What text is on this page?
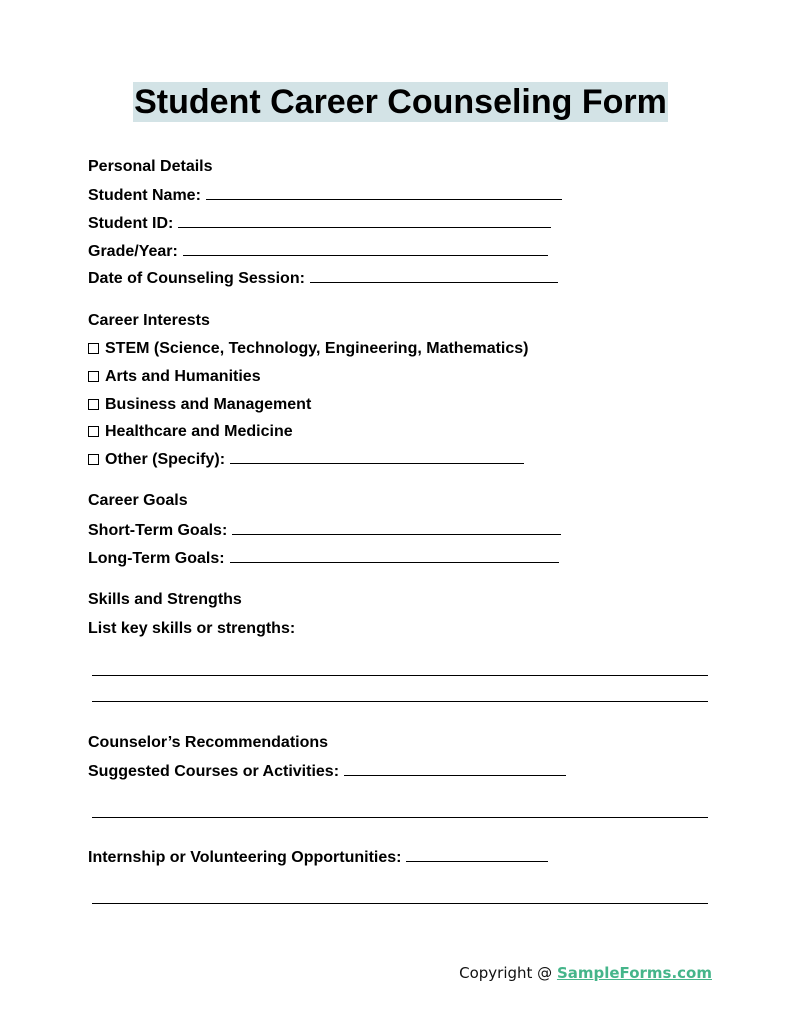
Student Career Counseling Form
Personal Details
Student Name:
Student ID:
Grade/Year:
Date of Counseling Session:
Career Interests
STEM (Science, Technology, Engineering, Mathematics)
Arts and Humanities
Business and Management
Healthcare and Medicine
Other (Specify):
Career Goals
Short-Term Goals:
Long-Term Goals:
Skills and Strengths
List key skills or strengths:
Counselor’s Recommendations
Suggested Courses or Activities:
Internship or Volunteering Opportunities:
Copyright @ SampleForms.com
